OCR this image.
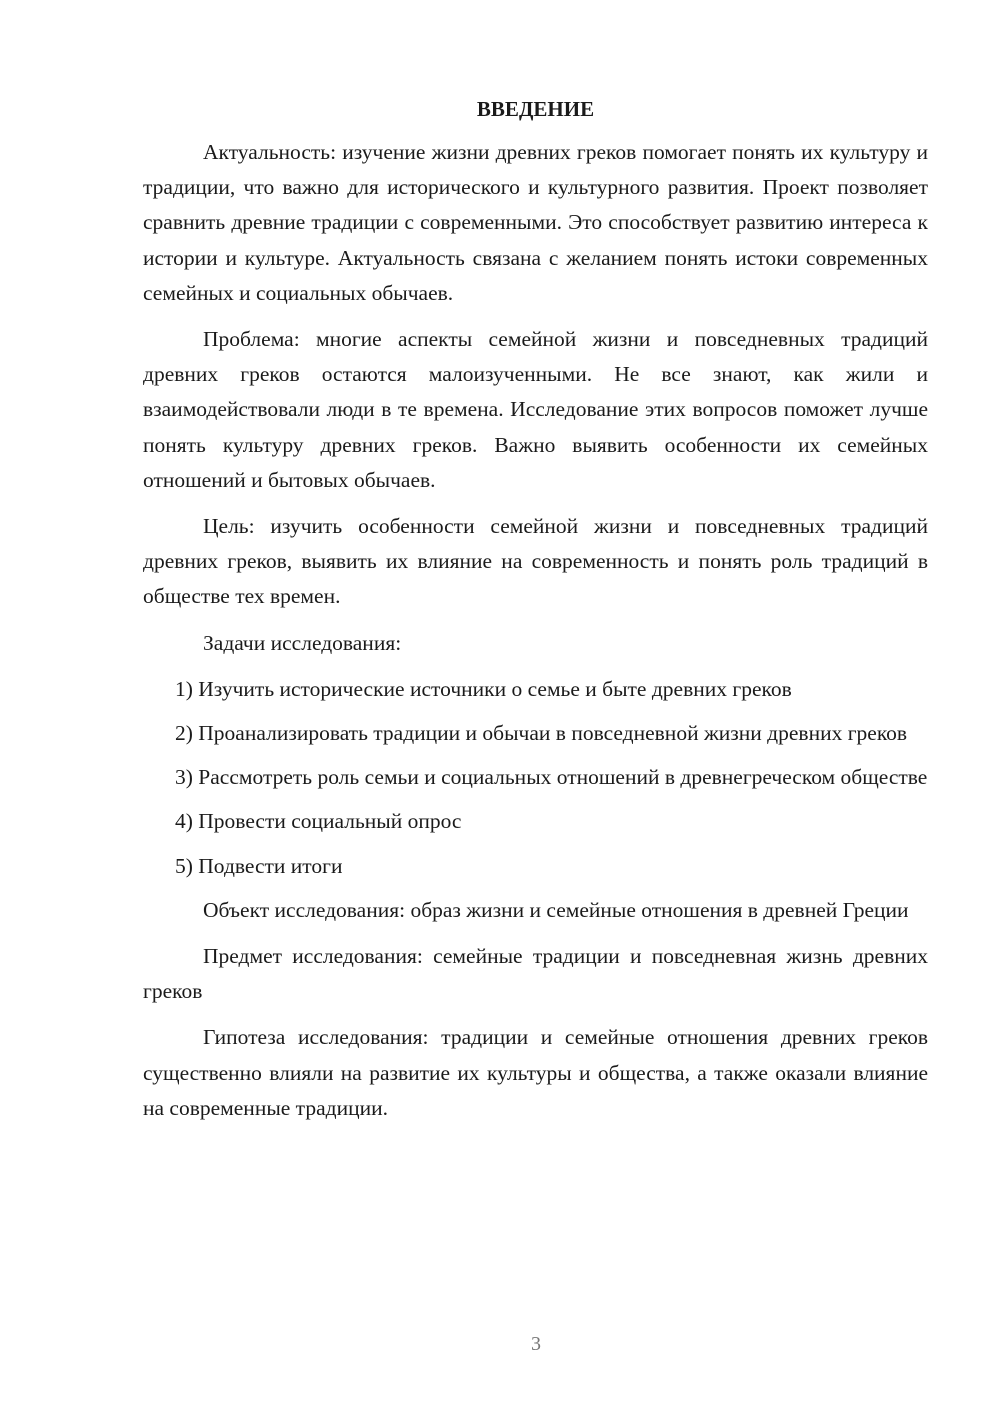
ВВЕДЕНИЕ

Актуальность: изучение жизни древних греков помогает понять их культуру и традиции, что важно для исторического и культурного развития. Проект позволяет сравнить древние традиции с современными. Это способствует развитию интереса к истории и культуре. Актуальность связана с желанием понять истоки современных семейных и социальных обычаев.

Проблема: многие аспекты семейной жизни и повседневных традиций древних греков остаются малоизученными. Не все знают, как жили и взаимодействовали люди в те времена. Исследование этих вопросов поможет лучше понять культуру древних греков. Важно выявить особенности их семейных отношений и бытовых обычаев.

Цель: изучить особенности семейной жизни и повседневных традиций древних греков, выявить их влияние на современность и понять роль традиций в обществе тех времен.

Задачи исследования:

1) Изучить исторические источники о семье и быте древних греков

2) Проанализировать традиции и обычаи в повседневной жизни древних греков

3) Рассмотреть роль семьи и социальных отношений в древнегреческом обществе

4) Провести социальный опрос

5) Подвести итоги

Объект исследования: образ жизни и семейные отношения в древней Греции

Предмет исследования: семейные традиции и повседневная жизнь древних греков

Гипотеза исследования: традиции и семейные отношения древних греков существенно влияли на развитие их культуры и общества, а также оказали влияние на современные традиции.

3
